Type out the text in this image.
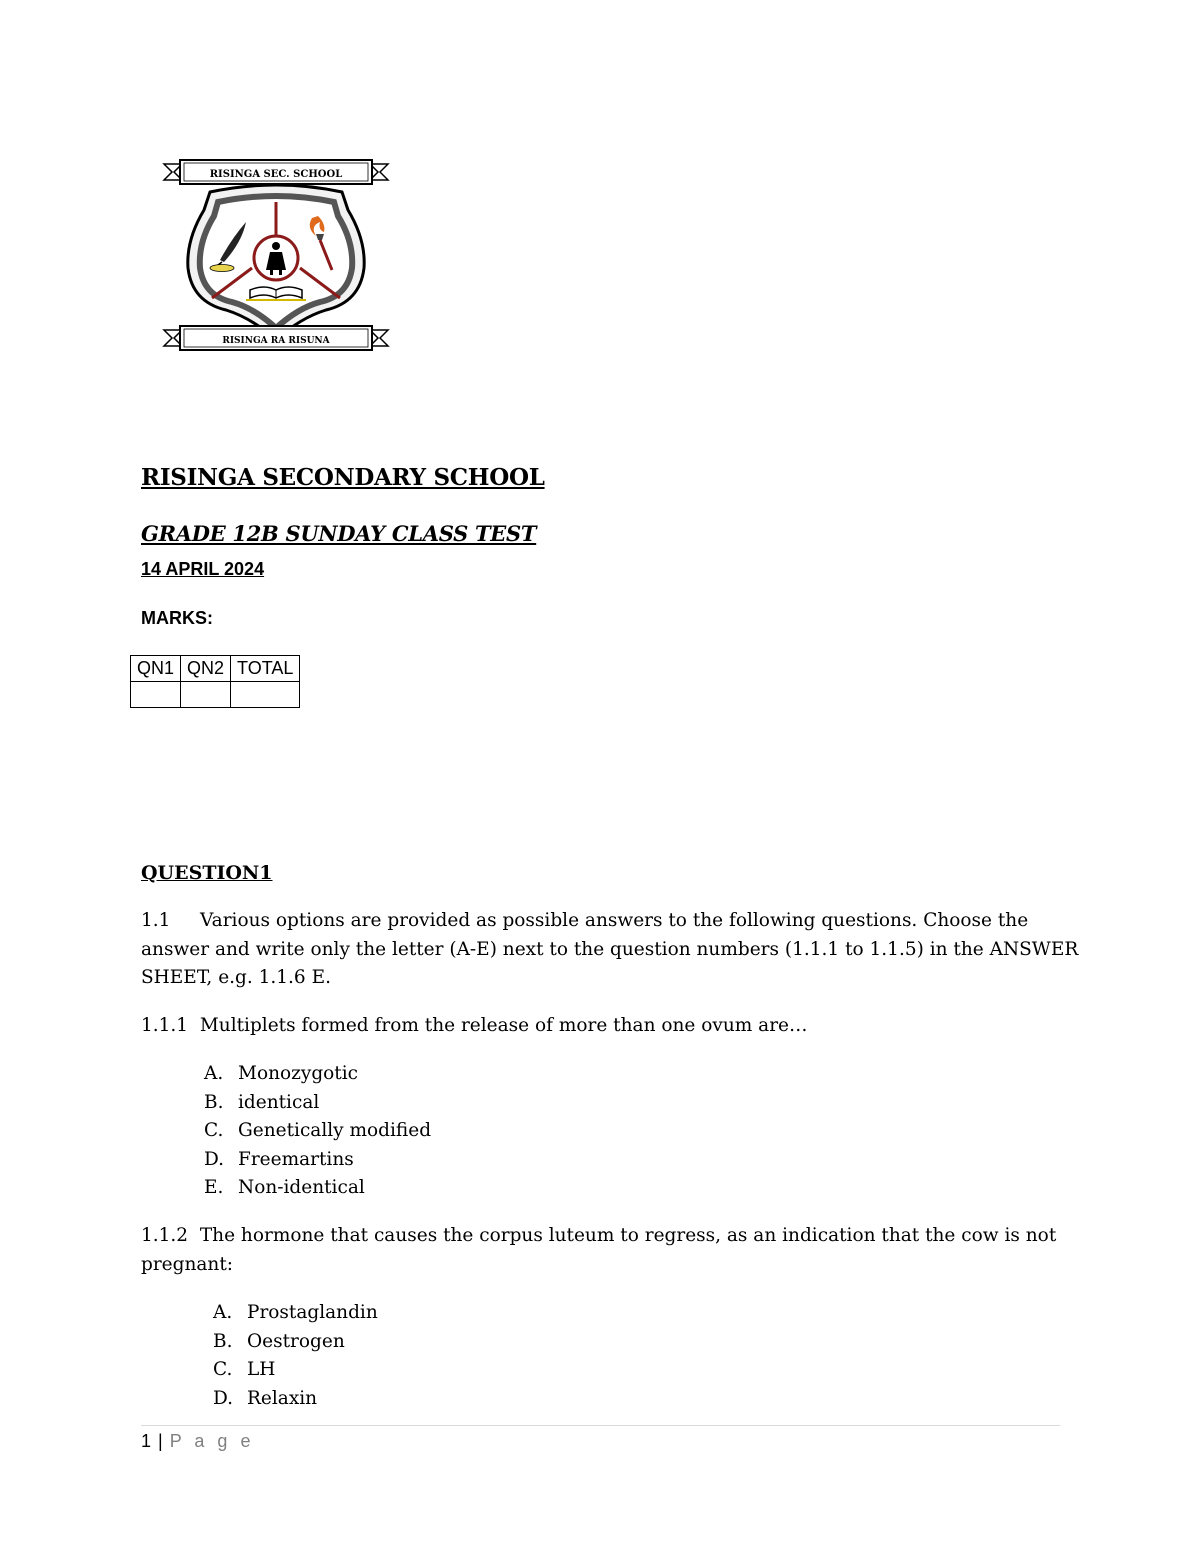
RISINGA SEC. SCHOOL
RISINGA RA RISUNA
RISINGA SECONDARY SCHOOL
GRADE 12B SUNDAY CLASS TEST
14 APRIL 2024
MARKS:
QN1	QN2	TOTAL

QUESTION1
1.1 Various options are provided as possible answers to the following questions. Choose the answer and write only the letter (A-E) next to the question numbers (1.1.1 to 1.1.5) in the ANSWER SHEET, e.g. 1.1.6 E.
1.1.1 Multiplets formed from the release of more than one ovum are…
A. Monozygotic
B. identical
C. Genetically modified
D. Freemartins
E. Non-identical
1.1.2 The hormone that causes the corpus luteum to regress, as an indication that the cow is not pregnant:
A. Prostaglandin
B. Oestrogen
C. LH
D. Relaxin
1 | P a g e
